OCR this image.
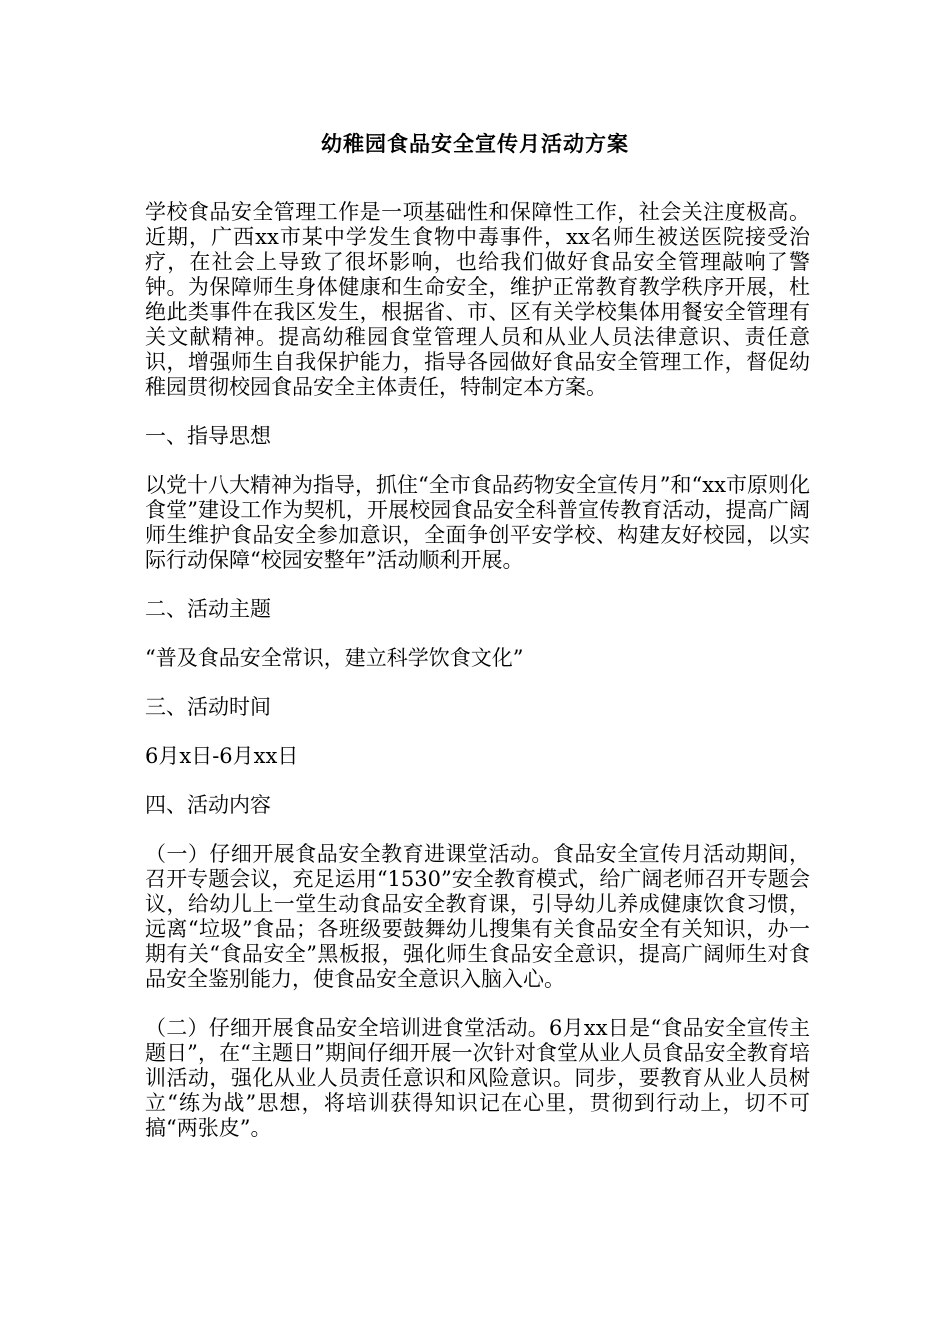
幼稚园食品安全宣传月活动方案

学校食品安全管理工作是一项基础性和保障性工作，社会关注度极高。近期，广西xx市某中学发生食物中毒事件，xx名师生被送医院接受治疗，在社会上导致了很坏影响，也给我们做好食品安全管理敲响了警钟。为保障师生身体健康和生命安全，维护正常教育教学秩序开展，杜绝此类事件在我区发生，根据省、市、区有关学校集体用餐安全管理有关文献精神。提高幼稚园食堂管理人员和从业人员法律意识、责任意识，增强师生自我保护能力，指导各园做好食品安全管理工作，督促幼稚园贯彻校园食品安全主体责任，特制定本方案。

一、指导思想

以党十八大精神为指导，抓住“全市食品药物安全宣传月”和“xx市原则化食堂”建设工作为契机，开展校园食品安全科普宣传教育活动，提高广阔师生维护食品安全参加意识，全面争创平安学校、构建友好校园，以实际行动保障“校园安整年”活动顺利开展。

二、活动主题

“普及食品安全常识，建立科学饮食文化”

三、活动时间

6月x日-6月xx日

四、活动内容

（一）仔细开展食品安全教育进课堂活动。食品安全宣传月活动期间，召开专题会议，充足运用“1530”安全教育模式，给广阔老师召开专题会议，给幼儿上一堂生动食品安全教育课，引导幼儿养成健康饮食习惯，远离“垃圾”食品；各班级要鼓舞幼儿搜集有关食品安全有关知识，办一期有关“食品安全”黑板报，强化师生食品安全意识，提高广阔师生对食品安全鉴别能力，使食品安全意识入脑入心。

（二）仔细开展食品安全培训进食堂活动。6月xx日是“食品安全宣传主题日”，在“主题日”期间仔细开展一次针对食堂从业人员食品安全教育培训活动，强化从业人员责任意识和风险意识。同步，要教育从业人员树立“练为战”思想，将培训获得知识记在心里，贯彻到行动上，切不可搞“两张皮”。
